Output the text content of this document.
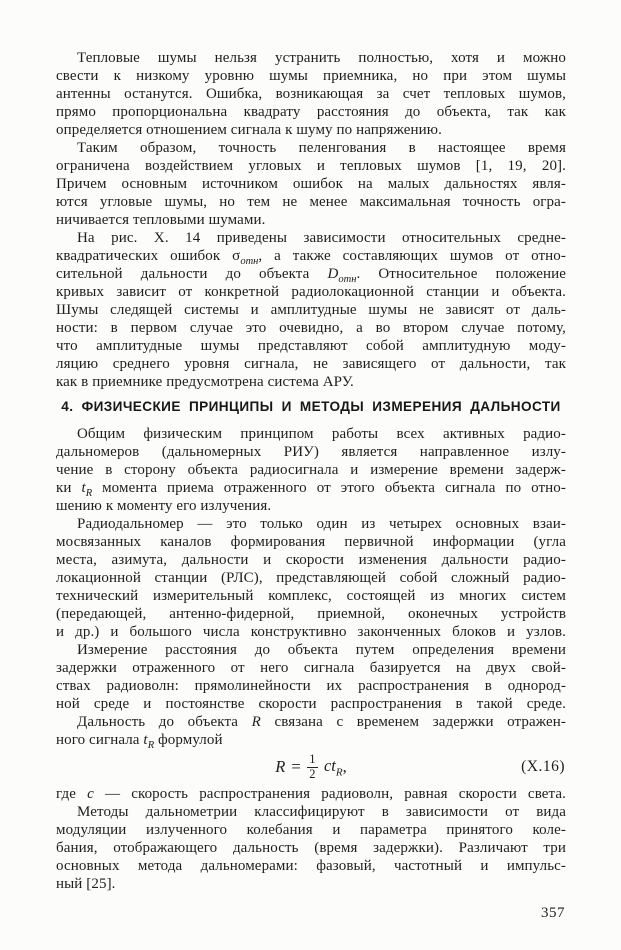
Тепловые шумы нельзя устранить полностью, хотя и можно
свести к низкому уровню шумы приемника, но при этом шумы
антенны останутся. Ошибка, возникающая за счет тепловых шумов,
прямо пропорциональна квадрату расстояния до объекта, так как
определяется отношением сигнала к шуму по напряжению.
Таким образом, точность пеленгования в настоящее время
ограничена воздействием угловых и тепловых шумов [1, 19, 20].
Причем основным источником ошибок на малых дальностях явля-
ются угловые шумы, но тем не менее максимальная точность огра-
ничивается тепловыми шумами.
На рис. X. 14 приведены зависимости относительных средне-
квадратических ошибок $\sigma_{отн}$, а также составляющих шумов от отно-
сительной дальности до объекта $D_{отн}$. Относительное положение
кривых зависит от конкретной радиолокационной станции и объекта.
Шумы следящей системы и амплитудные шумы не зависят от даль-
ности: в первом случае это очевидно, а во втором случае потому,
что амплитудные шумы представляют собой амплитудную моду-
ляцию среднего уровня сигнала, не зависящего от дальности, так
как в приемнике предусмотрена система АРУ.
4. ФИЗИЧЕСКИЕ ПРИНЦИПЫ И МЕТОДЫ ИЗМЕРЕНИЯ ДАЛЬНОСТИ
Общим физическим принципом работы всех активных радио-
дальномеров (дальномерных РИУ) является направленное излу-
чение в сторону объекта радиосигнала и измерение времени задерж-
ки $t_R$ момента приема отраженного от этого объекта сигнала по отно-
шению к моменту его излучения.
Радиодальномер — это только один из четырех основных взаи-
мосвязанных каналов формирования первичной информации (угла
места, азимута, дальности и скорости изменения дальности радио-
локационной станции (РЛС), представляющей собой сложный радио-
технический измерительный комплекс, состоящей из многих систем
(передающей, антенно-фидерной, приемной, оконечных устройств
и др.) и большого числа конструктивно законченных блоков и узлов.
Измерение расстояния до объекта путем определения времени
задержки отраженного от него сигнала базируется на двух свой-
ствах радиоволн: прямолинейности их распространения в однород-
ной среде и постоянстве скорости распространения в такой среде.
Дальность до объекта R связана с временем задержки отражен-
ного сигнала $t_R$ формулой
$R = \frac{1}{2} ct_R$ ,	(X.16)
где c — скорость распространения радиоволн, равная скорости света.
Методы дальнометрии классифицируют в зависимости от вида
модуляции излученного колебания и параметра принятого коле-
бания, отображающего дальность (время задержки). Различают три
основных метода дальномерами: фазовый, частотный и импульс-
ный [25].
357
